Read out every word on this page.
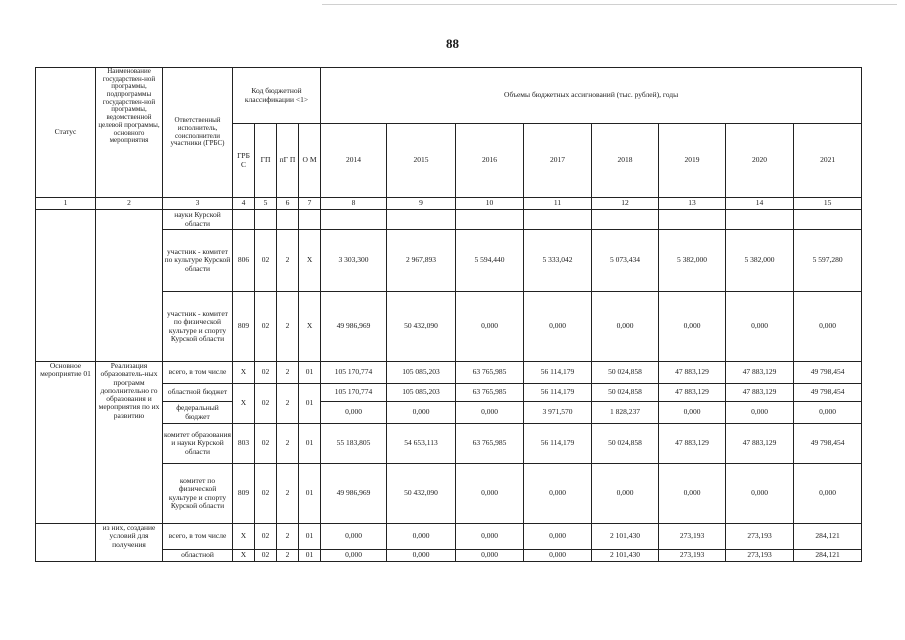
88
Статус	Наименование государствен-ной программы, подпрограммы государствен-ной программы, ведомственной целевой программы, основного мероприятия	Ответственный исполнитель, соисполнители участники (ГРБС)	Код бюджетной классификации <1>				Объемы бюджетных ассигнований (тыс. рублей), годы							
			ГРБ С	ГП	пГ П	О М	2014	2015	2016	2017	2018	2019	2020	2021
1	2	3	4	5	6	7	8	9	10	11	12	13	14	15
		науки Курской области												
		участник - комитет по культуре Курской области	806	02	2	X	3 303,300	2 967,893	5 594,440	5 333,042	5 073,434	5 382,000	5 382,000	5 597,280
		участник - комитет по физической культуре и спорту Курской области	809	02	2	X	49 986,969	50 432,090	0,000	0,000	0,000	0,000	0,000	0,000
Основное мероприятие 01	Реализация образователь-ных программ дополнительно го образования и мероприятия по их развитию	всего, в том числе	X	02	2	01	105 170,774	105 085,203	63 765,985	56 114,179	50 024,858	47 883,129	47 883,129	49 798,454
		областной бюджет	X	02	2	01	105 170,774	105 085,203	63 765,985	56 114,179	50 024,858	47 883,129	47 883,129	49 798,454
		федеральный бюджет					0,000	0,000	0,000	3 971,570	1 828,237	0,000	0,000	0,000
		комитет образования и науки Курской области	803	02	2	01	55 183,805	54 653,113	63 765,985	56 114,179	50 024,858	47 883,129	47 883,129	49 798,454
		комитет по физической культуре и спорту Курской области	809	02	2	01	49 986,969	50 432,090	0,000	0,000	0,000	0,000	0,000	0,000
	из них, создание условий для получения	всего, в том числе	X	02	2	01	0,000	0,000	0,000	0,000	2 101,430	273,193	273,193	284,121
		областной	X	02	2	01	0,000	0,000	0,000	0,000	2 101,430	273,193	273,193	284,121
